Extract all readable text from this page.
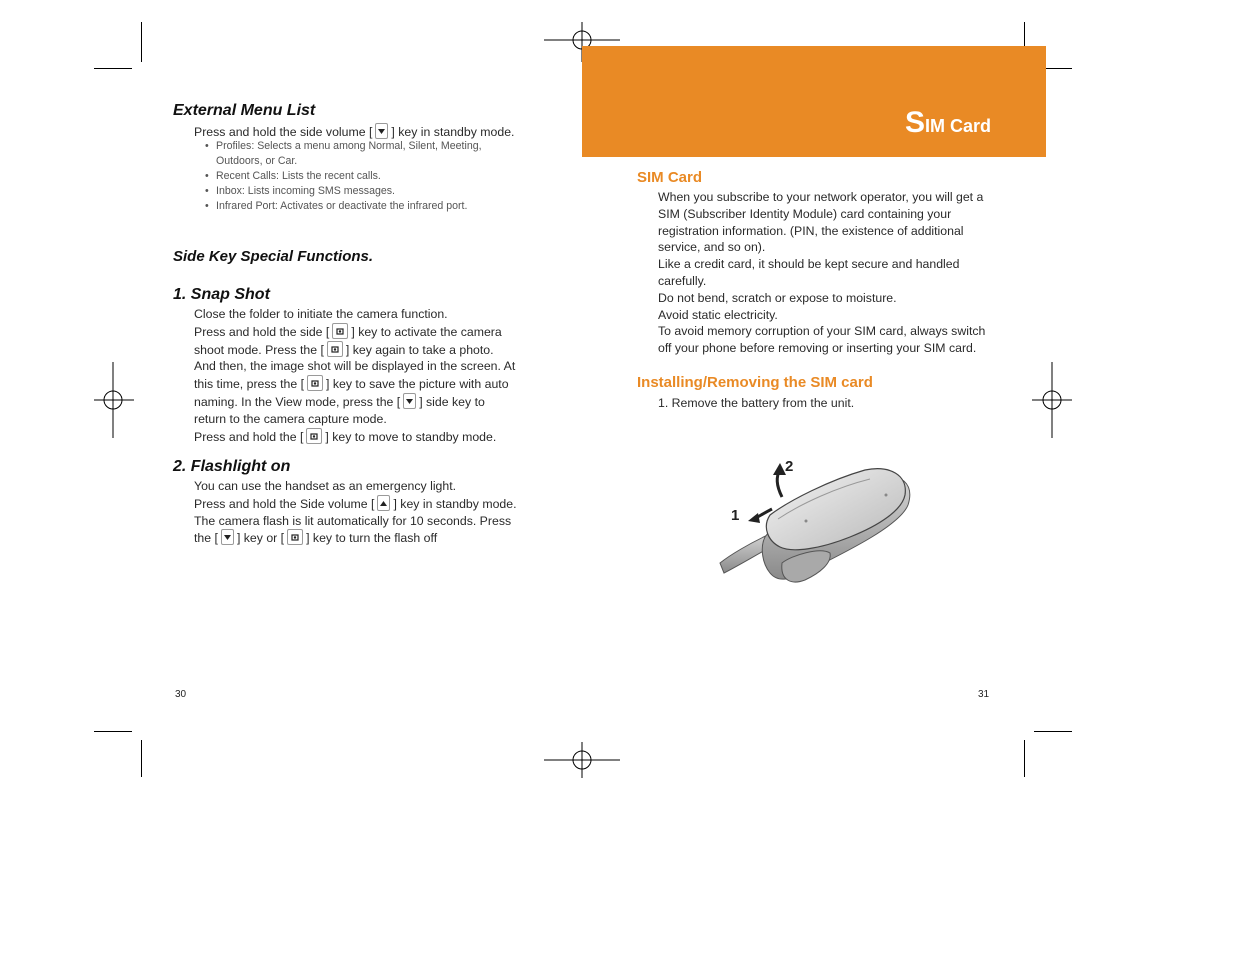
External Menu List

Press and hold the side volume [ ] key in standby mode.

• Profiles: Selects a menu among Normal, Silent, Meeting,
Outdoors, or Car.
• Recent Calls: Lists the recent calls.
• Inbox: Lists incoming SMS messages.
• Infrared Port: Activates or deactivate the infrared port.
Side Key Special Functions.
1. Snap Shot

Close the folder to initiate the camera function.

Press and hold the side [ ] key to activate the camera

shoot mode. Press the [ ] key again to take a photo.

And then, the image shot will be displayed in the screen. At

this time, press the [ ] key to save the picture with auto

naming. In the View mode, press the [ ] side key to

return to the camera capture mode.

Press and hold the [ ] key to move to standby mode.

2. Flashlight on

You can use the handset as an emergency light.

Press and hold the Side volume [ ] key in standby mode.

The camera flash is lit automatically for 10 seconds. Press

the [ ] key or [ ] key to turn the flash off

30
SIM Card
SIM Card

When you subscribe to your network operator, you will get a

SIM (Subscriber Identity Module) card containing your

registration information. (PIN, the existence of additional

service, and so on).

Like a credit card, it should be kept secure and handled

carefully.

Do not bend, scratch or expose to moisture.

Avoid static electricity.

To avoid memory corruption of your SIM card, always switch

off your phone before removing or inserting your SIM card.

Installing/Removing the SIM card
1. Remove the battery from the unit.
2
1
31
